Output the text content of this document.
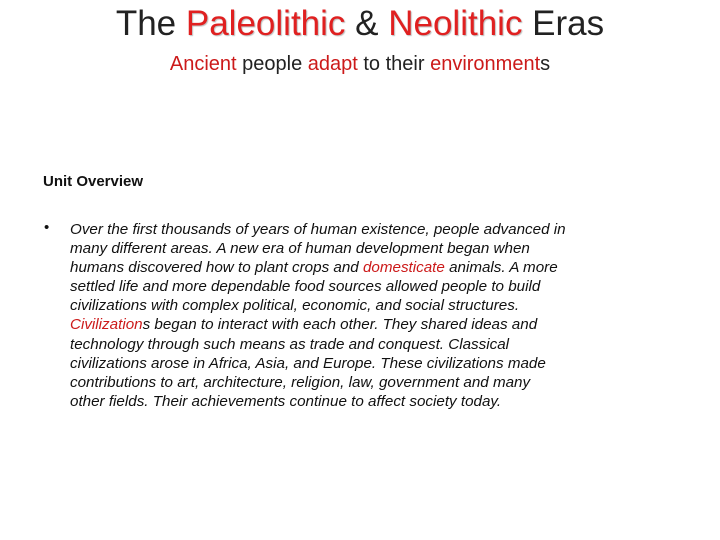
The Paleolithic & Neolithic Eras
Ancient people adapt to their environments
Unit Overview
• Over the first thousands of years of human existence, people advanced in
many different areas. A new era of human development began when
humans discovered how to plant crops and domesticate animals. A more
settled life and more dependable food sources allowed people to build
civilizations with complex political, economic, and social structures.
Civilizations began to interact with each other. They shared ideas and
technology through such means as trade and conquest. Classical
civilizations arose in Africa, Asia, and Europe. These civilizations made
contributions to art, architecture, religion, law, government and many
other fields. Their achievements continue to affect society today.
